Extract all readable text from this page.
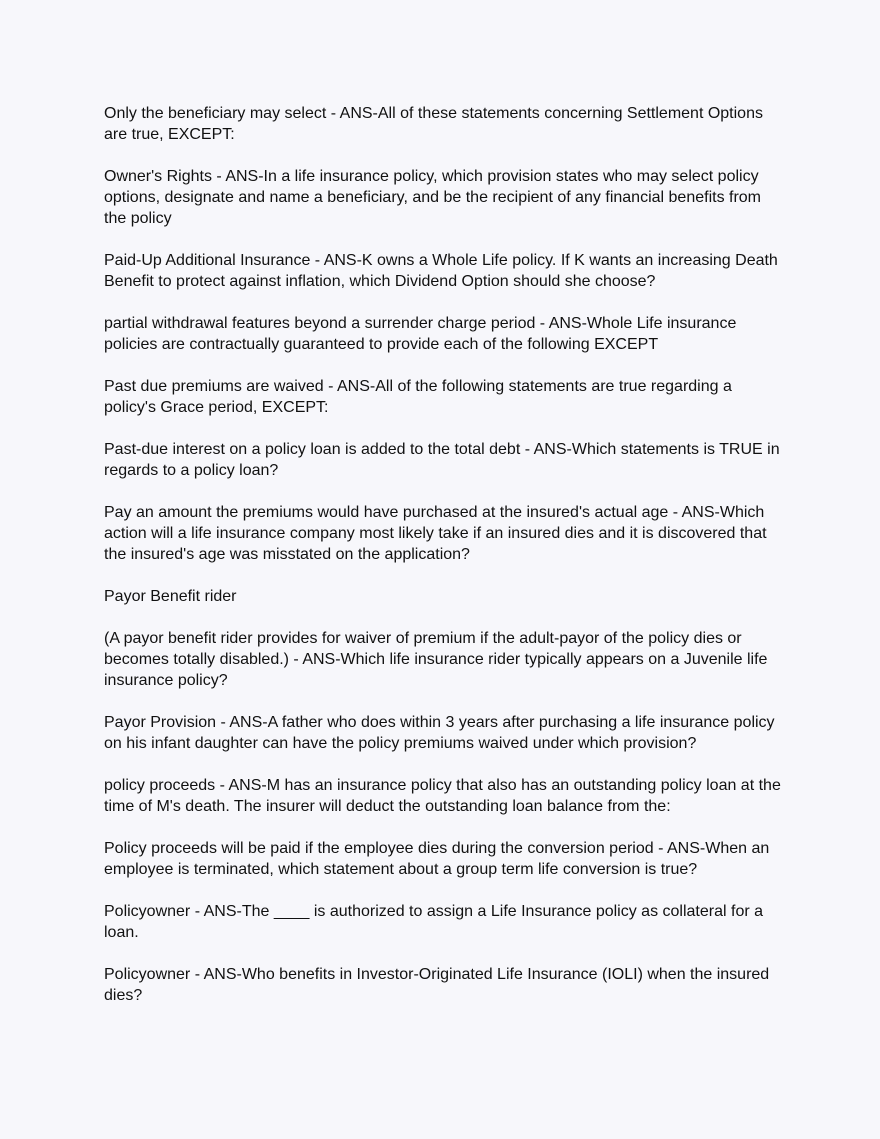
Only the beneficiary may select - ANS-All of these statements concerning Settlement Options
are true, EXCEPT:

Owner's Rights - ANS-In a life insurance policy, which provision states who may select policy
options, designate and name a beneficiary, and be the recipient of any financial benefits from
the policy

Paid-Up Additional Insurance - ANS-K owns a Whole Life policy. If K wants an increasing Death
Benefit to protect against inflation, which Dividend Option should she choose?

partial withdrawal features beyond a surrender charge period - ANS-Whole Life insurance
policies are contractually guaranteed to provide each of the following EXCEPT

Past due premiums are waived - ANS-All of the following statements are true regarding a
policy's Grace period, EXCEPT:

Past-due interest on a policy loan is added to the total debt - ANS-Which statements is TRUE in
regards to a policy loan?

Pay an amount the premiums would have purchased at the insured's actual age - ANS-Which
action will a life insurance company most likely take if an insured dies and it is discovered that
the insured's age was misstated on the application?

Payor Benefit rider

(A payor benefit rider provides for waiver of premium if the adult-payor of the policy dies or
becomes totally disabled.) - ANS-Which life insurance rider typically appears on a Juvenile life
insurance policy?

Payor Provision - ANS-A father who does within 3 years after purchasing a life insurance policy
on his infant daughter can have the policy premiums waived under which provision?

policy proceeds - ANS-M has an insurance policy that also has an outstanding policy loan at the
time of M's death. The insurer will deduct the outstanding loan balance from the:

Policy proceeds will be paid if the employee dies during the conversion period - ANS-When an
employee is terminated, which statement about a group term life conversion is true?

Policyowner - ANS-The ____ is authorized to assign a Life Insurance policy as collateral for a
loan.

Policyowner - ANS-Who benefits in Investor-Originated Life Insurance (IOLI) when the insured
dies?
